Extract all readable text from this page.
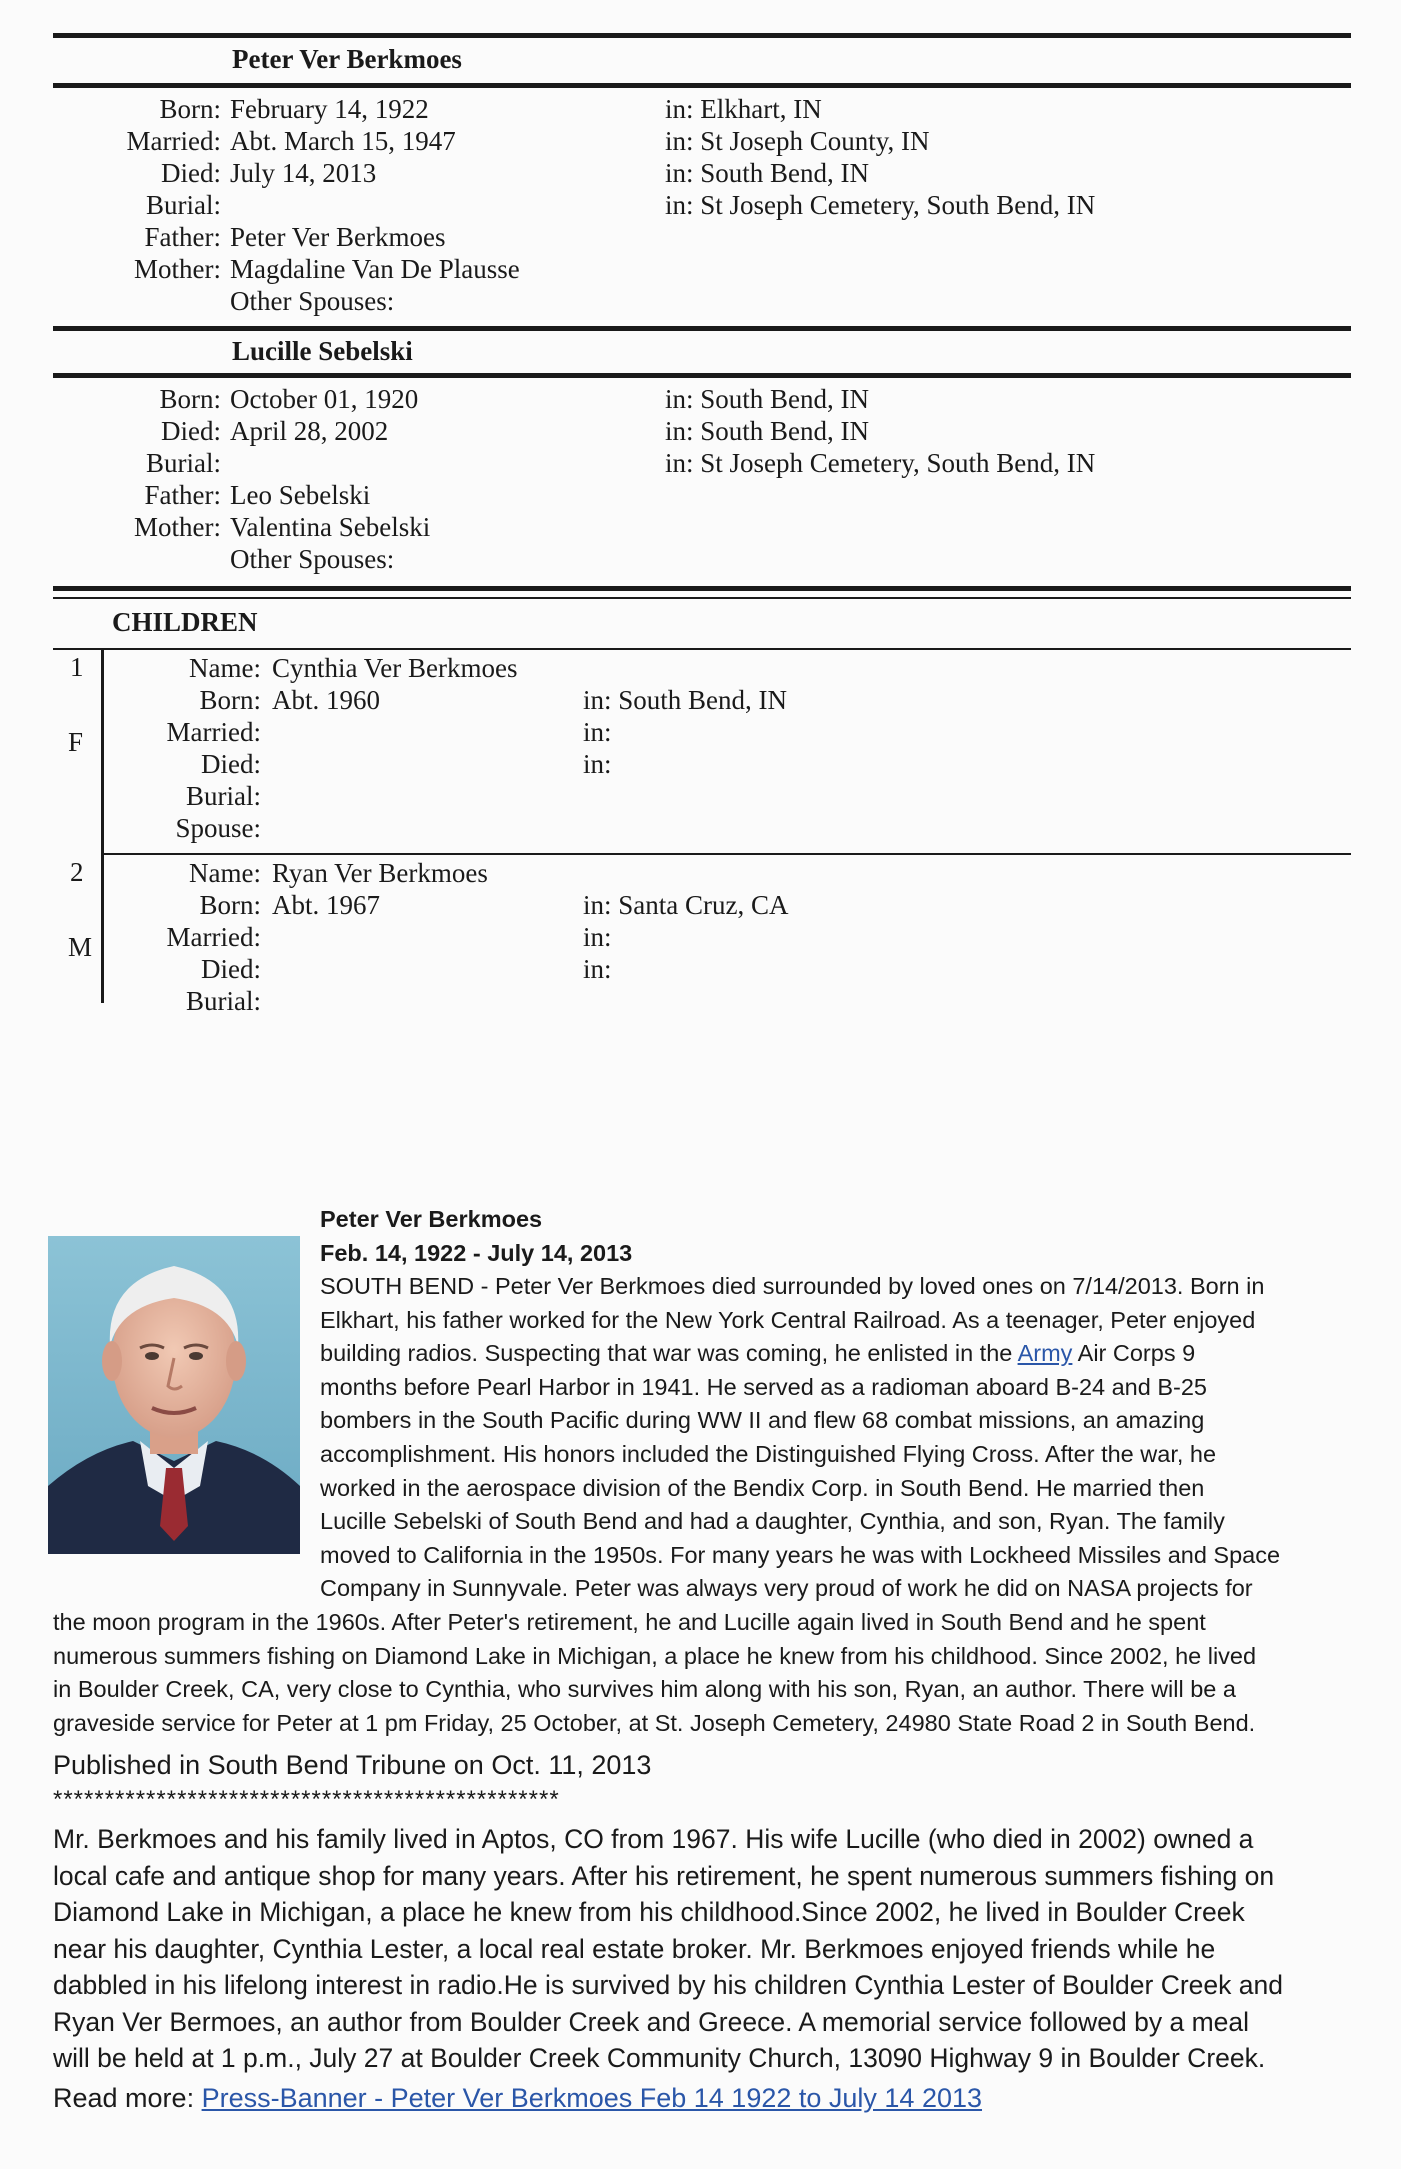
Peter Ver Berkmoes
Born: February 14, 1922	in: Elkhart, IN
Married: Abt. March 15, 1947	in: St Joseph County, IN
Died: July 14, 2013	in: South Bend, IN
Burial:	in: St Joseph Cemetery, South Bend, IN
Father: Peter Ver Berkmoes
Mother: Magdaline Van De Plausse
Other Spouses:
Lucille Sebelski
Born: October 01, 1920	in: South Bend, IN
Died: April 28, 2002	in: South Bend, IN
Burial:	in: St Joseph Cemetery, South Bend, IN
Father: Leo Sebelski
Mother: Valentina Sebelski
Other Spouses:
CHILDREN
1
F
Name: Cynthia Ver Berkmoes
Born: Abt. 1960	in: South Bend, IN
Married:	in:
Died:	in:
Burial:
Spouse:
2
M
Name: Ryan Ver Berkmoes
Born: Abt. 1967	in: Santa Cruz, CA
Married:	in:
Died:	in:
Burial:
Peter Ver Berkmoes
Feb. 14, 1922 - July 14, 2013
SOUTH BEND - Peter Ver Berkmoes died surrounded by loved ones on 7/14/2013. Born in
Elkhart, his father worked for the New York Central Railroad. As a teenager, Peter enjoyed
building radios. Suspecting that war was coming, he enlisted in the Army Air Corps 9
months before Pearl Harbor in 1941. He served as a radioman aboard B-24 and B-25
bombers in the South Pacific during WW II and flew 68 combat missions, an amazing
accomplishment. His honors included the Distinguished Flying Cross. After the war, he
worked in the aerospace division of the Bendix Corp. in South Bend. He married then
Lucille Sebelski of South Bend and had a daughter, Cynthia, and son, Ryan. The family
moved to California in the 1950s. For many years he was with Lockheed Missiles and Space
Company in Sunnyvale. Peter was always very proud of work he did on NASA projects for
the moon program in the 1960s. After Peter's retirement, he and Lucille again lived in South Bend and he spent
numerous summers fishing on Diamond Lake in Michigan, a place he knew from his childhood. Since 2002, he lived
in Boulder Creek, CA, very close to Cynthia, who survives him along with his son, Ryan, an author. There will be a
graveside service for Peter at 1 pm Friday, 25 October, at St. Joseph Cemetery, 24980 State Road 2 in South Bend.
Published in South Bend Tribune on Oct. 11, 2013
*************************************************
Mr. Berkmoes and his family lived in Aptos, CO from 1967. His wife Lucille (who died in 2002) owned a
local cafe and antique shop for many years. After his retirement, he spent numerous summers fishing on
Diamond Lake in Michigan, a place he knew from his childhood.Since 2002, he lived in Boulder Creek
near his daughter, Cynthia Lester, a local real estate broker. Mr. Berkmoes enjoyed friends while he
dabbled in his lifelong interest in radio.He is survived by his children Cynthia Lester of Boulder Creek and
Ryan Ver Bermoes, an author from Boulder Creek and Greece. A memorial service followed by a meal
will be held at 1 p.m., July 27 at Boulder Creek Community Church, 13090 Highway 9 in Boulder Creek.
Read more: Press-Banner - Peter Ver Berkmoes Feb 14 1922 to July 14 2013
